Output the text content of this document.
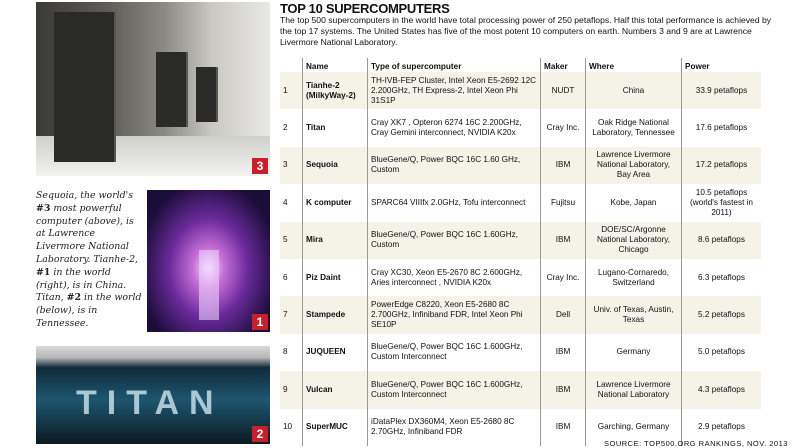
3
Sequoia, the world's #3 most powerful computer (above), is at Lawrence Livermore National Laboratory. Tianhe-2, #1 in the world (right), is in China. Titan, #2 in the world (below), is in Tennessee.	1
TITAN
2
TOP 10 SUPERCOMPUTERS
The top 500 supercomputers in the world have total processing power of 250 petaflops. Half this total performance is achieved by the top 17 systems. The United States has five of the most potent 10 computers on earth. Numbers 3 and 9 are at Lawrence Livermore National Laboratory.
	Name	Type of supercomputer	Maker	Where	Power
1	Tianhe-2 (MilkyWay-2)	TH-IVB-FEP Cluster, Intel Xeon E5-2692 12C 2.200GHz, TH Express-2, Intel Xeon Phi 31S1P	NUDT	China	33.9 petaflops
2	Titan	Cray XK7 , Opteron 6274 16C 2.200GHz, Cray Gemini interconnect, NVIDIA K20x	Cray Inc.	Oak Ridge National Laboratory, Tennessee	17.6 petaflops
3	Sequoia	BlueGene/Q, Power BQC 16C 1.60 GHz, Custom	IBM	Lawrence Livermore National Laboratory, Bay Area	17.2 petaflops
4	K computer	SPARC64 VIIIfx 2.0GHz, Tofu interconnect	Fujitsu	Kobe, Japan	10.5 petaflops (world's fastest in 2011)
5	Mira	BlueGene/Q, Power BQC 16C 1.60GHz, Custom	IBM	DOE/SC/Argonne National Laboratory, Chicago	8.6 petaflops
6	Piz Daint	Cray XC30, Xeon E5-2670 8C 2.600GHz, Aries interconnect , NVIDIA K20x	Cray Inc.	Lugano-Cornaredo, Switzerland	6.3 petaflops
7	Stampede	PowerEdge C8220, Xeon E5-2680 8C 2.700GHz, Infiniband FDR, Intel Xeon Phi SE10P	Dell	Univ. of Texas, Austin, Texas	5.2 petaflops
8	JUQUEEN	BlueGene/Q, Power BQC 16C 1.600GHz, Custom Interconnect	IBM	Germany	5.0 petaflops
9	Vulcan	BlueGene/Q, Power BQC 16C 1.600GHz, Custom Interconnect	IBM	Lawrence Livermore National Laboratory	4.3 petaflops
10	SuperMUC	iDataPlex DX360M4, Xeon E5-2680 8C 2.70GHz, Infiniband FDR	IBM	Garching, Germany	2.9 petaflops
SOURCE: TOP500.ORG RANKINGS, NOV. 2013
